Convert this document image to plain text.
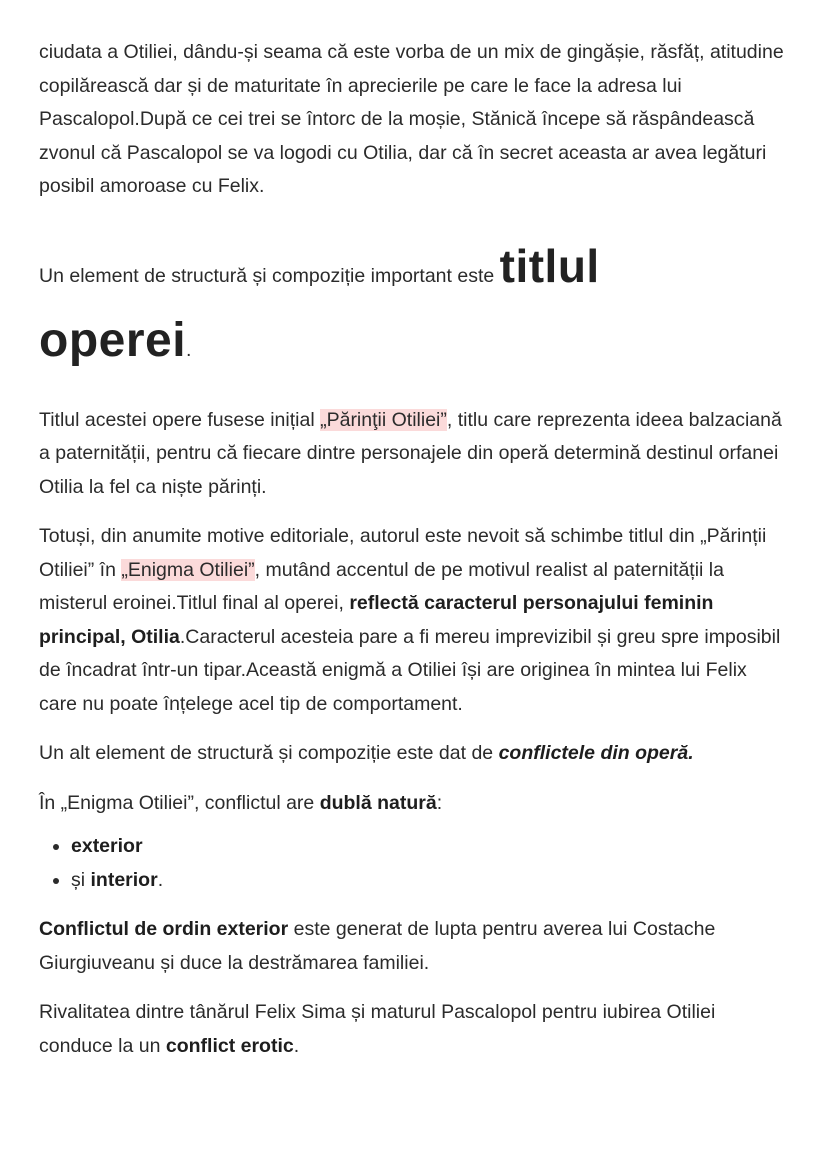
ciudata a Otiliei, dându-și seama că este vorba de un mix de gingășie, răsfăț, atitudine copilărească dar și de maturitate în aprecierile pe care le face la adresa lui Pascalopol.După ce cei trei se întorc de la moșie, Stănică începe să răspândească zvonul că Pascalopol se va logodi cu Otilia, dar că în secret aceasta ar avea legături posibil amoroase cu Felix.

Un element de structură și compoziție important este titlul
operei.

Titlul acestei opere fusese inițial „Părinţii Otiliei”, titlu care reprezenta ideea balzaciană a paternității, pentru că fiecare dintre personajele din operă determină destinul orfanei Otilia la fel ca niște părinți.

Totuși, din anumite motive editoriale, autorul este nevoit să schimbe titlul din „Părinții Otiliei” în „Enigma Otiliei”, mutând accentul de pe motivul realist al paternității la misterul eroinei.Titlul final al operei, reflectă caracterul personajului feminin principal, Otilia.Caracterul acesteia pare a fi mereu imprevizibil și greu spre imposibil de încadrat într-un tipar.Această enigmă a Otiliei își are originea în mintea lui Felix care nu poate înțelege acel tip de comportament.

Un alt element de structură și compoziție este dat de conflictele din operă.

În „Enigma Otiliei”, conflictul are dublă natură:

• exterior
• și interior.

Conflictul de ordin exterior este generat de lupta pentru averea lui Costache Giurgiuveanu și duce la destrămarea familiei.

Rivalitatea dintre tânărul Felix Sima și maturul Pascalopol pentru iubirea Otiliei conduce la un conflict erotic.
